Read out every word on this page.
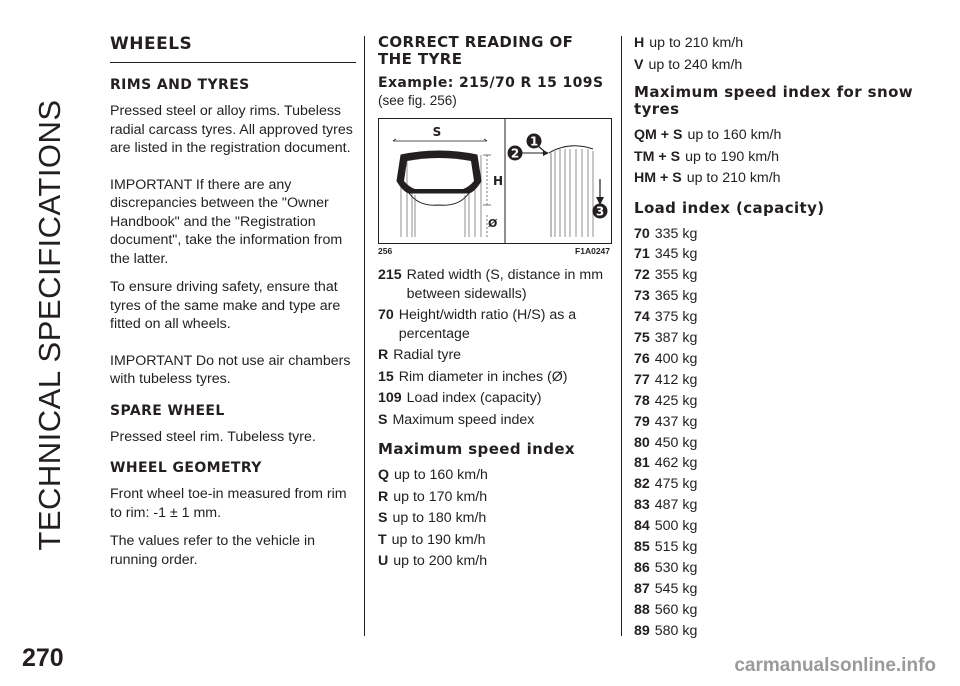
TECHNICAL SPECIFICATIONS
WHEELS
RIMS AND TYRES

Pressed steel or alloy rims. Tubeless radial carcass tyres. All approved tyres are listed in the registration document.

IMPORTANT If there are any discrepancies between the "Owner Handbook" and the "Registration document", take the information from the latter.

To ensure driving safety, ensure that tyres of the same make and type are fitted on all wheels.

IMPORTANT Do not use air chambers with tubeless tyres.

SPARE WHEEL

Pressed steel rim. Tubeless tyre.

WHEEL GEOMETRY

Front wheel toe-in measured from rim to rim: -1 ± 1 mm.

The values refer to the vehicle in running order.

CORRECT READING OF THE TYRE
Example: 215/70 R 15 109S (see fig. 256)
2
1
3
S
H
Ø
256	F1A0247
215 Rated width (S, distance in mm between sidewalls)
70 Height/width ratio (H/S) as a percentage
R Radial tyre
15 Rim diameter in inches (Ø)
109 Load index (capacity)
S Maximum speed index
Maximum speed index
Q up to 160 km/h
R up to 170 km/h
S up to 180 km/h
T up to 190 km/h
U up to 200 km/h
H up to 210 km/h
V up to 240 km/h
Maximum speed index for snow tyres
QM + S up to 160 km/h
TM + S up to 190 km/h
HM + S up to 210 km/h
Load index (capacity)
70 335 kg
71 345 kg
72 355 kg
73 365 kg
74 375 kg
75 387 kg
76 400 kg
77 412 kg
78 425 kg
79 437 kg
80 450 kg
81 462 kg
82 475 kg
83 487 kg
84 500 kg
85 515 kg
86 530 kg
87 545 kg
88 560 kg
89 580 kg
270	carmanualsonline.info
